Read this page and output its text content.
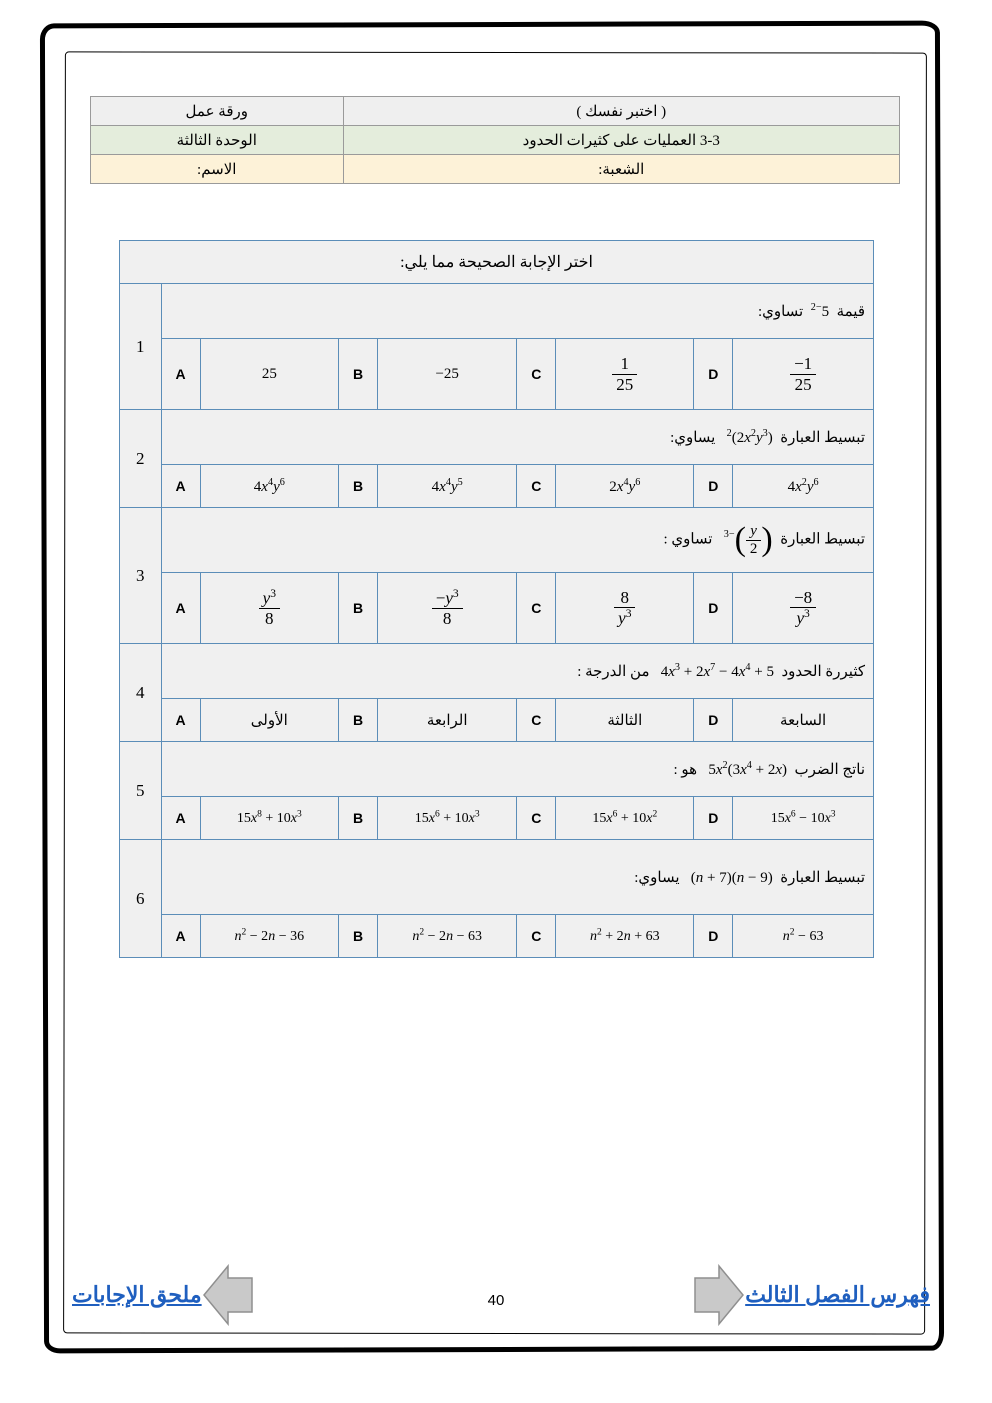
( اختبر نفسك )	ورقة عمل
3-3 العمليات على كثيرات الحدود	الوحدة الثالثة
الشعبة:	الاسم:
اختر الإجابة الصحيحة مما يلي:								
قيمة  $5^{-2}$  تساوي:								1

$\frac{-1}{25}$	D	$\frac{1}{25}$	C	−25	B	25	A	
تبسيط العبارة  $(2x^2y^3)^2$   يساوي:								2
$4x^2y^6$	D	$2x^4y^6$	C	$4x^4y^5$	B	$4x^4y^6$	A	
تبسيط العبارة  (
$\frac{y}{2}$
)$^{-3}$   تساوي :								3

$\frac{-8}{y^3}$	D	$\frac{8}{y^3}$	C	$\frac{-y^3}{8}$	B	$\frac{y^3}{8}$	A	
كثيررة الحدود  $4x^3 + 2x^7 - 4x^4 + 5$   من الدرجة :								4
السابعة	D	الثالثة	C	الرابعة	B	الأولى	A	
ناتج الضرب  $5x^2(3x^4 + 2x)$   هو :								5
$15x^6 - 10x^3$	D	$15x^6 + 10x^2$	C	$15x^6 + 10x^3$	B	$15x^8 + 10x^3$	A	
تبسيط العبارة  (n − 9)(n + 7)   يساوي:								6
$n^2 - 63$	D	$n^2 + 2n + 63$	C	$n^2 - 2n - 63$	B	$n^2 - 2n - 36$	A	
40	فهرس الفصل الثالث
ملحق الإجابات
